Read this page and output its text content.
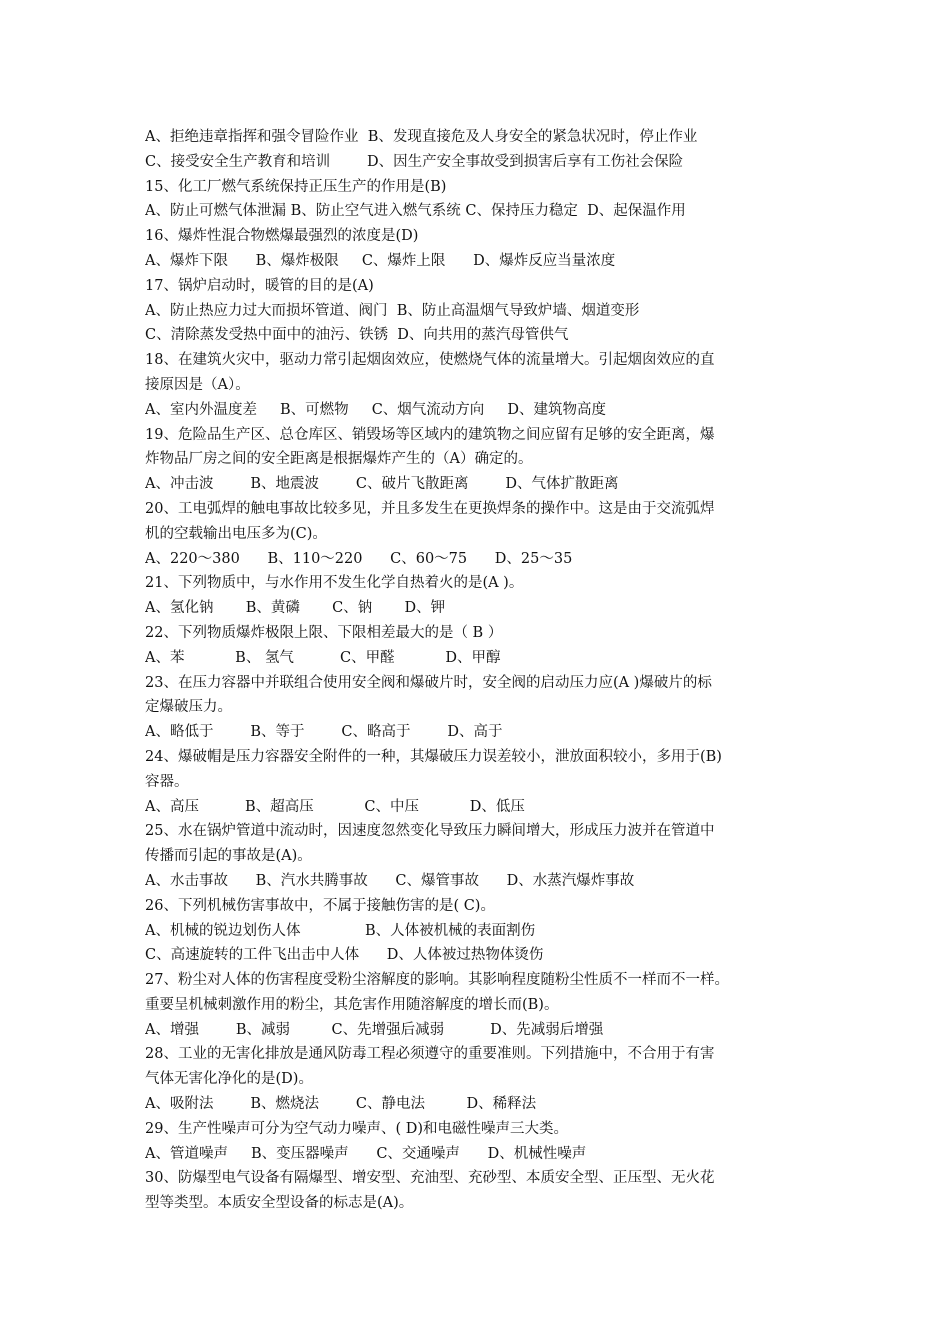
A、拒绝违章指挥和强令冒险作业  B、发现直接危及人身安全的紧急状况时，停止作业
C、接受安全生产教育和培训        D、因生产安全事故受到损害后享有工伤社会保险
15、化工厂燃气系统保持正压生产的作用是(B)
A、防止可燃气体泄漏 B、防止空气进入燃气系统 C、保持压力稳定  D、起保温作用
16、爆炸性混合物燃爆最强烈的浓度是(D)
A、爆炸下限      B、爆炸极限     C、爆炸上限      D、爆炸反应当量浓度
17、锅炉启动时，暖管的目的是(A)
A、防止热应力过大而损坏管道、阀门  B、防止高温烟气导致炉墙、烟道变形
C、清除蒸发受热中面中的油污、铁锈  D、向共用的蒸汽母管供气
18、在建筑火灾中，驱动力常引起烟囱效应，使燃烧气体的流量增大。引起烟囱效应的直
接原因是（A）。
A、室内外温度差     B、可燃物     C、烟气流动方向     D、建筑物高度
19、危险品生产区、总仓库区、销毁场等区域内的建筑物之间应留有足够的安全距离，爆
炸物品厂房之间的安全距离是根据爆炸产生的（A）确定的。
A、冲击波        B、地震波        C、破片飞散距离        D、气体扩散距离
20、工电弧焊的触电事故比较多见，并且多发生在更换焊条的操作中。这是由于交流弧焊
机的空载输出电压多为(C)。
A、220～380      B、110～220      C、60～75      D、25～35
21、下列物质中，与水作用不发生化学自热着火的是(A )。
A、氢化钠       B、黄磷       C、钠       D、钾
22、下列物质爆炸极限上限、下限相差最大的是（ B ）
A、苯           B、 氢气          C、甲醛           D、甲醇
23、在压力容器中并联组合使用安全阀和爆破片时，安全阀的启动压力应(A )爆破片的标
定爆破压力。
A、略低于        B、等于        C、略高于        D、高于
24、爆破帽是压力容器安全附件的一种，其爆破压力误差较小，泄放面积较小，多用于(B)
容器。
A、高压          B、超高压           C、中压           D、低压
25、水在锅炉管道中流动时，因速度忽然变化导致压力瞬间增大，形成压力波并在管道中
传播而引起的事故是(A)。
A、水击事故      B、汽水共腾事故      C、爆管事故      D、水蒸汽爆炸事故
26、下列机械伤害事故中，不属于接触伤害的是( C)。
A、机械的锐边划伤人体              B、人体被机械的表面割伤
C、高速旋转的工件飞出击中人体      D、人体被过热物体烫伤
27、粉尘对人体的伤害程度受粉尘溶解度的影响。其影响程度随粉尘性质不一样而不一样。
重要呈机械刺激作用的粉尘，其危害作用随溶解度的增长而(B)。
A、增强        B、减弱         C、先增强后减弱          D、先减弱后增强
28、工业的无害化排放是通风防毒工程必须遵守的重要准则。下列措施中，不合用于有害
气体无害化净化的是(D)。
A、吸附法        B、燃烧法        C、静电法         D、稀释法
29、生产性噪声可分为空气动力噪声、( D)和电磁性噪声三大类。
A、管道噪声     B、变压器噪声      C、交通噪声      D、机械性噪声
30、防爆型电气设备有隔爆型、增安型、充油型、充砂型、本质安全型、正压型、无火花
型等类型。本质安全型设备的标志是(A)。
